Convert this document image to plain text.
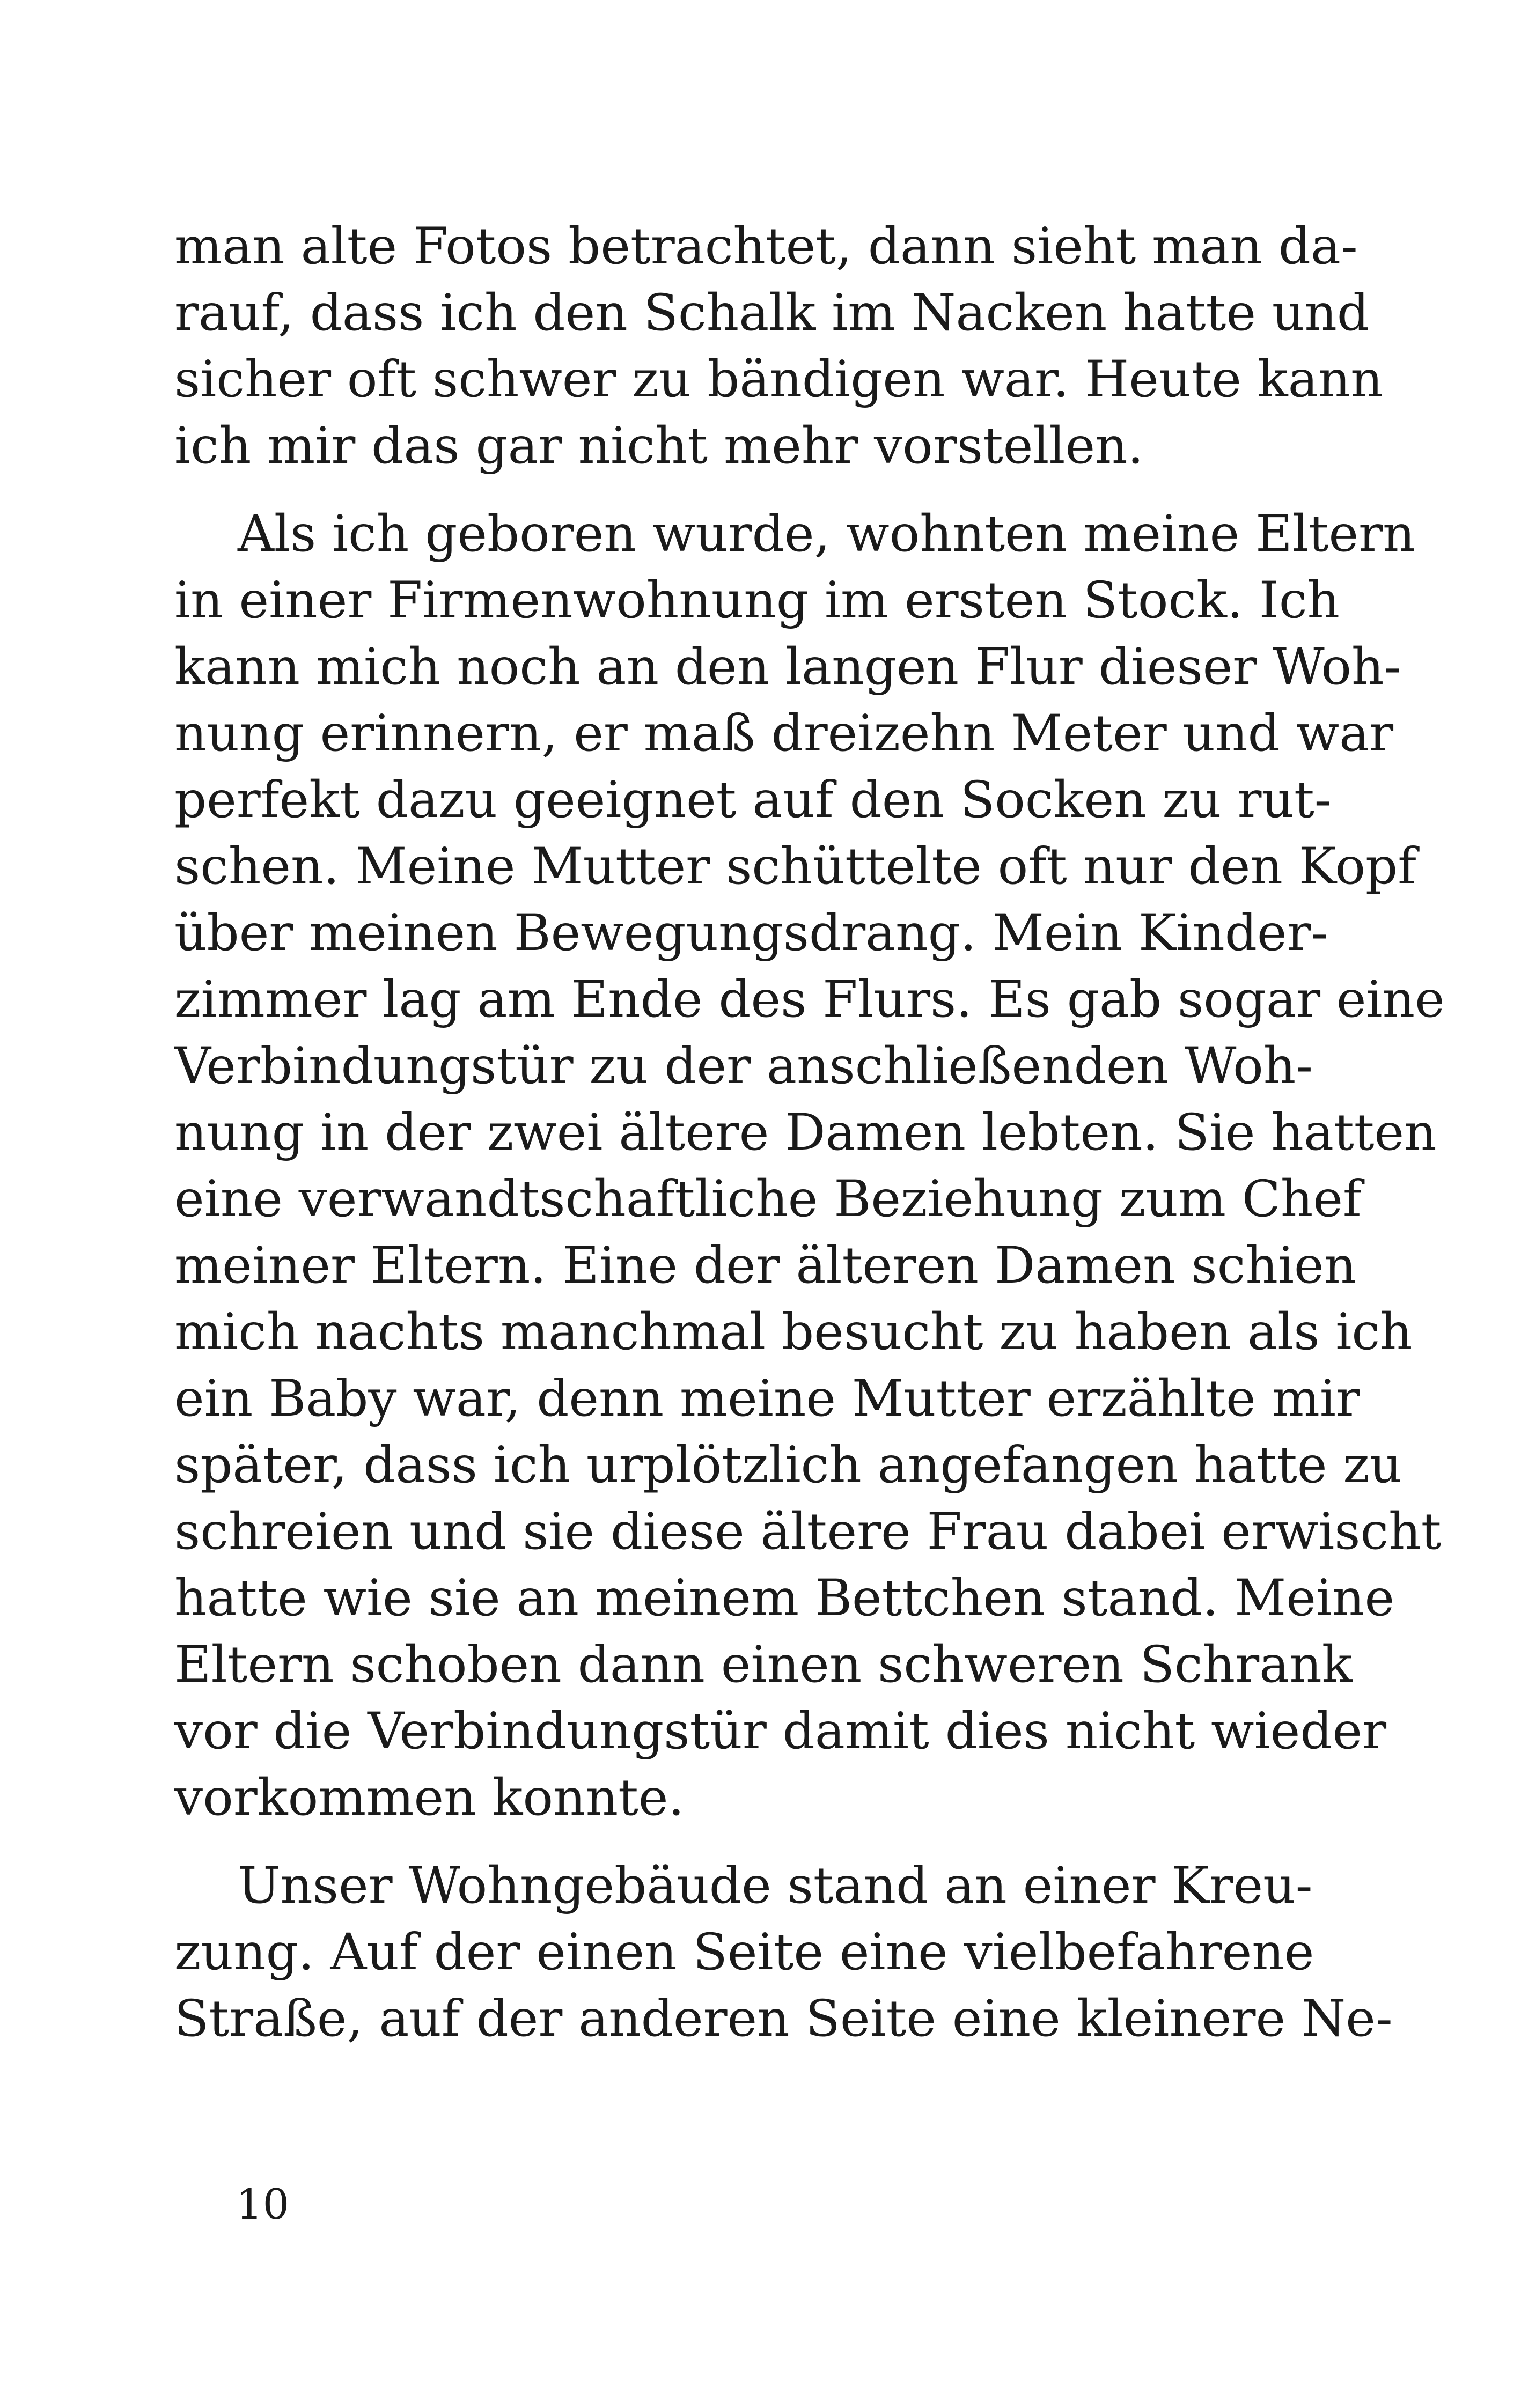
man alte Fotos betrachtet, dann sieht man da-
rauf, dass ich den Schalk im Nacken hatte und
sicher oft schwer zu bändigen war. Heute kann
ich mir das gar nicht mehr vorstellen.
Als ich geboren wurde, wohnten meine Eltern
in einer Firmenwohnung im ersten Stock. Ich
kann mich noch an den langen Flur dieser Woh-
nung erinnern, er maß dreizehn Meter und war
perfekt dazu geeignet auf den Socken zu rut-
schen. Meine Mutter schüttelte oft nur den Kopf
über meinen Bewegungsdrang. Mein Kinder-
zimmer lag am Ende des Flurs. Es gab sogar eine
Verbindungstür zu der anschließenden Woh-
nung in der zwei ältere Damen lebten. Sie hatten
eine verwandtschaftliche Beziehung zum Chef
meiner Eltern. Eine der älteren Damen schien
mich nachts manchmal besucht zu haben als ich
ein Baby war, denn meine Mutter erzählte mir
später, dass ich urplötzlich angefangen hatte zu
schreien und sie diese ältere Frau dabei erwischt
hatte wie sie an meinem Bettchen stand. Meine
Eltern schoben dann einen schweren Schrank
vor die Verbindungstür damit dies nicht wieder
vorkommen konnte.
Unser Wohngebäude stand an einer Kreu-
zung. Auf der einen Seite eine vielbefahrene
Straße, auf der anderen Seite eine kleinere Ne-
10
